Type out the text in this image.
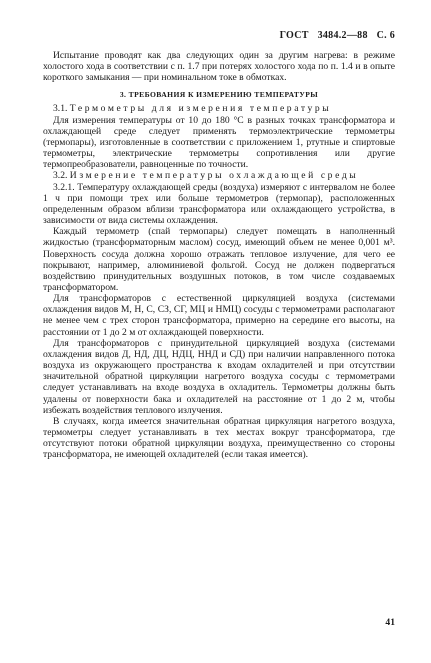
ГОСТ 3484.2—88 С. 6

Испытание проводят как два следующих один за другим нагрева: в режиме холостого хода в соответствии с п. 1.7 при потерях холостого хода по п. 1.4 и в опыте короткого замыкания — при номинальном токе в обмотках.

3. ТРЕБОВАНИЯ К ИЗМЕРЕНИЮ ТЕМПЕРАТУРЫ

3.1. Термометры для измерения температуры

Для измерения температуры от 10 до 180 °С в разных точках трансформатора и охлаждающей среде следует применять термоэлектрические термометры (термопары), изготовленные в соответствии с приложением 1, ртутные и спиртовые термометры, электрические термометры сопротивления или другие термопреобразователи, равноценные по точности.

3.2. Измерение температуры охлаждающей среды

3.2.1. Температуру охлаждающей среды (воздуха) измеряют с интервалом не более 1 ч при помощи трех или больше термометров (термопар), расположенных определенным образом вблизи трансформатора или охлаждающего устройства, в зависимости от вида системы охлаждения.

Каждый термометр (спай термопары) следует помещать в наполненный жидкостью (трансформаторным маслом) сосуд, имеющий объем не менее 0,001 м³. Поверхность сосуда должна хорошо отражать тепловое излучение, для чего ее покрывают, например, алюминиевой фольгой. Сосуд не должен подвергаться воздействию принудительных воздушных потоков, в том числе создаваемых трансформатором.

Для трансформаторов с естественной циркуляцией воздуха (системами охлаждения видов М, Н, С, СЗ, СГ, МЦ и НМЦ) сосуды с термометрами располагают не менее чем с трех сторон трансформатора, примерно на середине его высоты, на расстоянии от 1 до 2 м от охлаждающей поверхности.

Для трансформаторов с принудительной циркуляцией воздуха (системами охлаждения видов Д, НД, ДЦ, НДЦ, ННД и СД) при наличии направленного потока воздуха из окружающего пространства к входам охладителей и при отсутствии значительной обратной циркуляции нагретого воздуха сосуды с термометрами следует устанавливать на входе воздуха в охладитель. Термометры должны быть удалены от поверхности бака и охладителей на расстояние от 1 до 2 м, чтобы избежать воздействия теплового излучения.

В случаях, когда имеется значительная обратная циркуляция нагретого воздуха, термометры следует устанавливать в тех местах вокруг трансформатора, где отсутствуют потоки обратной циркуляции воздуха, преимущественно со стороны трансформатора, не имеющей охладителей (если такая имеется).

41
